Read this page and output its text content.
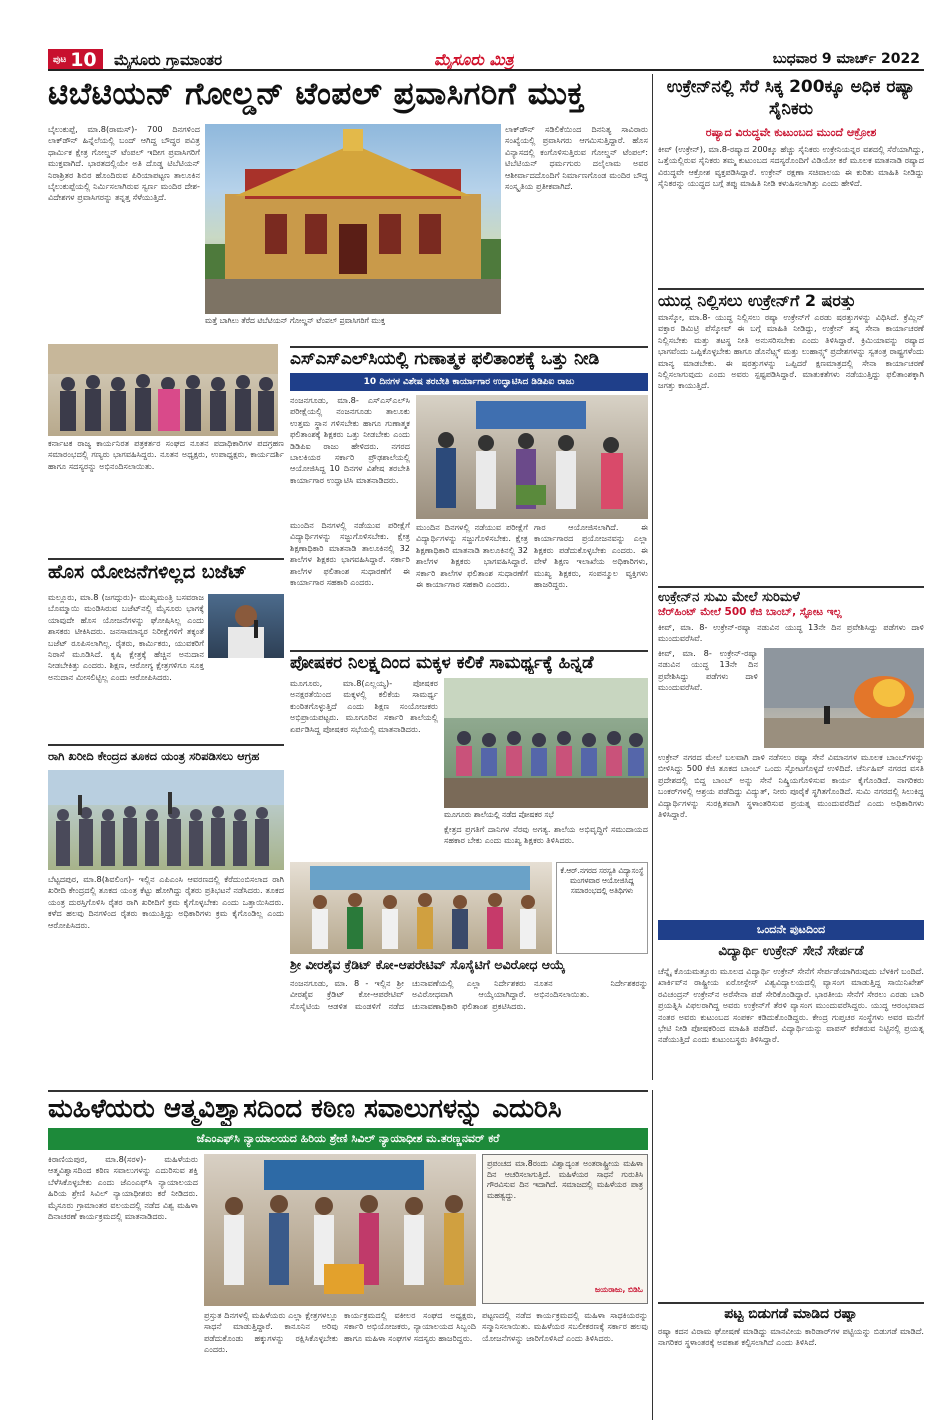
ಪುಟ 10	ಮೈಸೂರು ಗ್ರಾಮಾಂತರ	ಮೈಸೂರು ಮಿತ್ರ	ಬುಧವಾರ 9 ಮಾರ್ಚ್ 2022
ಟಿಬೆಟಿಯನ್ ಗೋಲ್ಡನ್ ಟೆಂಪಲ್ ಪ್ರವಾಸಿಗರಿಗೆ ಮುಕ್ತ
ಬೈಲುಕುಪ್ಪೆ, ಮಾ.8(ರಾಮಸ್)- 700 ದಿನಗಳಿಂದ ಲಾಕ್‌ಡೌನ್ ಹಿನ್ನೆಲೆಯಲ್ಲಿ ಬಂದ್ ಆಗಿದ್ದ ಬೌದ್ಧರ ಪವಿತ್ರ ಧಾರ್ಮಿಕ ಕ್ಷೇತ್ರ ಗೋಲ್ಡನ್ ಟೆಂಪಲ್ ಇದೀಗ ಪ್ರವಾಸಿಗರಿಗೆ ಮುಕ್ತವಾಗಿದೆ. ಭಾರತದಲ್ಲಿಯೇ ಅತಿ ದೊಡ್ಡ ಟಿಬೆಟಿಯನ್ ನಿರಾಶ್ರಿತರ ಶಿಬಿರ ಹೊಂದಿರುವ ಪಿರಿಯಾಪಟ್ಟಣ ತಾಲೂಕಿನ ಬೈಲುಕುಪ್ಪೆಯಲ್ಲಿ ನಿರ್ಮಿಸಲಾಗಿರುವ ಸ್ವರ್ಣ ಮಂದಿರ ದೇಶ-ವಿದೇಶಗಳ ಪ್ರವಾಸಿಗರನ್ನು ತನ್ನತ್ತ ಸೆಳೆಯುತ್ತಿದೆ.
ಮತ್ತೆ ಬಾಗಿಲು ತೆರೆದ ಟಿಬೆಟಿಯನ್ ಗೋಲ್ಡನ್ ಟೆಂಪಲ್ ಪ್ರವಾಸಿಗರಿಗೆ ಮುಕ್ತ
ಲಾಕ್‌ಡೌನ್ ಸಡಿಲಿಕೆಯಿಂದ ದಿನನಿತ್ಯ ಸಾವಿರಾರು ಸಂಖ್ಯೆಯಲ್ಲಿ ಪ್ರವಾಸಿಗರು ಆಗಮಿಸುತ್ತಿದ್ದಾರೆ. ಹೊಸ ವಿನ್ಯಾಸದಲ್ಲಿ ಕಂಗೊಳಿಸುತ್ತಿರುವ ಗೋಲ್ಡನ್ ಟೆಂಪಲ್: ಟಿಬೆಟಿಯನ್ ಧರ್ಮಗುರು ದಲೈಲಾಮ ಅವರ ಆಶೀರ್ವಾದದೊಂದಿಗೆ ನಿರ್ಮಾಣಗೊಂಡ ಮಂದಿರ ಬೌದ್ಧ ಸಂಸ್ಕೃತಿಯ ಪ್ರತೀಕವಾಗಿದೆ.
ಕರ್ನಾಟಕ ರಾಜ್ಯ ಕಾರ್ಯನಿರತ ಪತ್ರಕರ್ತರ ಸಂಘದ ನೂತನ ಪದಾಧಿಕಾರಿಗಳ ಪದಗ್ರಹಣ ಸಮಾರಂಭದಲ್ಲಿ ಗಣ್ಯರು ಭಾಗವಹಿಸಿದ್ದರು. ನೂತನ ಅಧ್ಯಕ್ಷರು, ಉಪಾಧ್ಯಕ್ಷರು, ಕಾರ್ಯದರ್ಶಿ ಹಾಗೂ ಸದಸ್ಯರನ್ನು ಅಭಿನಂದಿಸಲಾಯಿತು.
ಹೊಸ ಯೋಜನೆಗಳಿಲ್ಲದ ಬಜೆಟ್
ಮಲ್ಲೂರು, ಮಾ.8 (ಜಗದ್ಗುರು)- ಮುಖ್ಯಮಂತ್ರಿ ಬಸವರಾಜ ಬೊಮ್ಮಾಯಿ ಮಂಡಿಸಿರುವ ಬಜೆಟ್‌ನಲ್ಲಿ ಮೈಸೂರು ಭಾಗಕ್ಕೆ ಯಾವುದೇ ಹೊಸ ಯೋಜನೆಗಳನ್ನು ಘೋಷಿಸಿಲ್ಲ ಎಂದು ಶಾಸಕರು ಟೀಕಿಸಿದರು. ಜನಸಾಮಾನ್ಯರ ನಿರೀಕ್ಷೆಗಳಿಗೆ ತಕ್ಕಂತೆ ಬಜೆಟ್ ರೂಪಿಸಲಾಗಿಲ್ಲ. ರೈತರು, ಕಾರ್ಮಿಕರು, ಯುವಕರಿಗೆ ನಿರಾಸೆ ಮೂಡಿಸಿದೆ. ಕೃಷಿ ಕ್ಷೇತ್ರಕ್ಕೆ ಹೆಚ್ಚಿನ ಅನುದಾನ ನೀಡಬೇಕಿತ್ತು ಎಂದರು. ಶಿಕ್ಷಣ, ಆರೋಗ್ಯ ಕ್ಷೇತ್ರಗಳಿಗೂ ಸೂಕ್ತ ಅನುದಾನ ಮೀಸಲಿಟ್ಟಿಲ್ಲ ಎಂದು ಆರೋಪಿಸಿದರು.
ರಾಗಿ ಖರೀದಿ ಕೇಂದ್ರದ ತೂಕದ ಯಂತ್ರ ಸರಿಪಡಿಸಲು ಆಗ್ರಹ
ಬೆಟ್ಟದಪುರ, ಮಾ.8(ಶಿವಲಿಂಗ)- ಇಲ್ಲಿನ ಎಪಿಎಂಸಿ ಆವರಣದಲ್ಲಿ ಕೆರೆದುಂಬಿಸಲಾದ ರಾಗಿ ಖರೀದಿ ಕೇಂದ್ರದಲ್ಲಿ ತೂಕದ ಯಂತ್ರ ಕೆಟ್ಟು ಹೋಗಿದ್ದು ರೈತರು ಪ್ರತಿಭಟನೆ ನಡೆಸಿದರು. ತೂಕದ ಯಂತ್ರ ದುರಸ್ತಿಗೊಳಿಸಿ ರೈತರ ರಾಗಿ ಖರೀದಿಗೆ ಕ್ರಮ ಕೈಗೊಳ್ಳಬೇಕು ಎಂದು ಒತ್ತಾಯಿಸಿದರು. ಕಳೆದ ಹಲವು ದಿನಗಳಿಂದ ರೈತರು ಕಾಯುತ್ತಿದ್ದು ಅಧಿಕಾರಿಗಳು ಕ್ರಮ ಕೈಗೊಂಡಿಲ್ಲ ಎಂದು ಆರೋಪಿಸಿದರು.
ಎಸ್‌ಎಸ್‌ಎಲ್‌ಸಿಯಲ್ಲಿ ಗುಣಾತ್ಮಕ ಫಲಿತಾಂಶಕ್ಕೆ ಒತ್ತು ನೀಡಿ
10 ದಿನಗಳ ವಿಶೇಷ ತರಬೇತಿ ಕಾರ್ಯಾಗಾರ ಉದ್ಘಾಟಿಸಿದ ಡಿಡಿಪಿಐ ರಾಜು
ನಂಜನಗೂಡು, ಮಾ.8- ಎಸ್‌ಎಸ್‌ಎಲ್‌ಸಿ ಪರೀಕ್ಷೆಯಲ್ಲಿ ನಂಜನಗೂಡು ತಾಲೂಕು ಉತ್ತಮ ಸ್ಥಾನ ಗಳಿಸಬೇಕು ಹಾಗೂ ಗುಣಾತ್ಮಕ ಫಲಿತಾಂಶಕ್ಕೆ ಶಿಕ್ಷಕರು ಒತ್ತು ನೀಡಬೇಕು ಎಂದು ಡಿಡಿಪಿಐ ರಾಜು ಹೇಳಿದರು. ನಗರದ ಬಾಲಕಿಯರ ಸರ್ಕಾರಿ ಪ್ರೌಢಶಾಲೆಯಲ್ಲಿ ಆಯೋಜಿಸಿದ್ದ 10 ದಿನಗಳ ವಿಶೇಷ ತರಬೇತಿ ಕಾರ್ಯಾಗಾರ ಉದ್ಘಾಟಿಸಿ ಮಾತನಾಡಿದರು.
ಮುಂದಿನ ದಿನಗಳಲ್ಲಿ ನಡೆಯುವ ಪರೀಕ್ಷೆಗೆ ವಿದ್ಯಾರ್ಥಿಗಳನ್ನು ಸಜ್ಜುಗೊಳಿಸಬೇಕು. ಕ್ಷೇತ್ರ ಶಿಕ್ಷಣಾಧಿಕಾರಿ ಮಾತನಾಡಿ ತಾಲೂಕಿನಲ್ಲಿ 32 ಶಾಲೆಗಳ ಶಿಕ್ಷಕರು ಭಾಗವಹಿಸಿದ್ದಾರೆ. ಸರ್ಕಾರಿ ಶಾಲೆಗಳ ಫಲಿತಾಂಶ ಸುಧಾರಣೆಗೆ ಈ ಕಾರ್ಯಾಗಾರ ಸಹಕಾರಿ ಎಂದರು.
ಮುಂದಿನ ದಿನಗಳಲ್ಲಿ ನಡೆಯುವ ಪರೀಕ್ಷೆಗೆ ವಿದ್ಯಾರ್ಥಿಗಳನ್ನು ಸಜ್ಜುಗೊಳಿಸಬೇಕು. ಕ್ಷೇತ್ರ ಶಿಕ್ಷಣಾಧಿಕಾರಿ ಮಾತನಾಡಿ ತಾಲೂಕಿನಲ್ಲಿ 32 ಶಾಲೆಗಳ ಶಿಕ್ಷಕರು ಭಾಗವಹಿಸಿದ್ದಾರೆ. ಸರ್ಕಾರಿ ಶಾಲೆಗಳ ಫಲಿತಾಂಶ ಸುಧಾರಣೆಗೆ ಈ ಕಾರ್ಯಾಗಾರ ಸಹಕಾರಿ ಎಂದರು.
ಗಾರ ಆಯೋಜಿಸಲಾಗಿದೆ. ಈ ಕಾರ್ಯಾಗಾರದ ಪ್ರಯೋಜನವನ್ನು ಎಲ್ಲಾ ಶಿಕ್ಷಕರು ಪಡೆದುಕೊಳ್ಳಬೇಕು ಎಂದರು. ಈ ವೇಳೆ ಶಿಕ್ಷಣ ಇಲಾಖೆಯ ಅಧಿಕಾರಿಗಳು, ಮುಖ್ಯ ಶಿಕ್ಷಕರು, ಸಂಪನ್ಮೂಲ ವ್ಯಕ್ತಿಗಳು ಹಾಜರಿದ್ದರು.
ಪೋಷಕರ ನಿಲಕ್ಷ್ಯದಿಂದ ಮಕ್ಕಳ ಕಲಿಕೆ ಸಾಮರ್ಥ್ಯಕ್ಕೆ ಹಿನ್ನಡೆ
ಮೂಗೂರು, ಮಾ.8(ಎಲ್ಲಯ್ಯ)- ಪೋಷಕರ ಅನಕ್ಷರತೆಯಿಂದ ಮಕ್ಕಳಲ್ಲಿ ಕಲಿಕೆಯ ಸಾಮರ್ಥ್ಯ ಕುಂಠಿತಗೊಳ್ಳುತ್ತಿದೆ ಎಂದು ಶಿಕ್ಷಣ ಸಂಯೋಜಕರು ಅಭಿಪ್ರಾಯಪಟ್ಟರು. ಮೂಗೂರಿನ ಸರ್ಕಾರಿ ಶಾಲೆಯಲ್ಲಿ ಏರ್ಪಡಿಸಿದ್ದ ಪೋಷಕರ ಸಭೆಯಲ್ಲಿ ಮಾತನಾಡಿದರು.
ಮೂಗೂರು ಶಾಲೆಯಲ್ಲಿ ನಡೆದ ಪೋಷಕರ ಸಭೆ
ಕ್ಷೇತ್ರದ ಪ್ರಗತಿಗೆ ದಾನಿಗಳ ನೆರವು ಅಗತ್ಯ. ಶಾಲೆಯ ಅಭಿವೃದ್ಧಿಗೆ ಸಮುದಾಯದ ಸಹಕಾರ ಬೇಕು ಎಂದು ಮುಖ್ಯ ಶಿಕ್ಷಕರು ತಿಳಿಸಿದರು.
ಕೆ.ಆರ್.ನಗರದ ಸರಸ್ವತಿ ವಿದ್ಯಾಸಂಸ್ಥೆ ಮಂಗಳವಾರ ಆಯೋಜಿಸಿದ್ದ ಸಮಾರಂಭದಲ್ಲಿ ಅತಿಥಿಗಳು
ಶ್ರೀ ವೀರಶೈವ ಕ್ರೆಡಿಟ್ ಕೋ-ಆಪರೇಟಿವ್ ಸೊಸೈಟಿಗೆ ಅವಿರೋಧ ಆಯ್ಕೆ
ನಂಜನಗೂಡು, ಮಾ. 8 - ಇಲ್ಲಿನ ಶ್ರೀ ವೀರಶೈವ ಕ್ರೆಡಿಟ್ ಕೋ-ಆಪರೇಟಿವ್ ಸೊಸೈಟಿಯ ಆಡಳಿತ ಮಂಡಳಿಗೆ ನಡೆದ ಚುನಾವಣೆಯಲ್ಲಿ ಎಲ್ಲಾ ನಿರ್ದೇಶಕರು ಅವಿರೋಧವಾಗಿ ಆಯ್ಕೆಯಾಗಿದ್ದಾರೆ. ಚುನಾವಣಾಧಿಕಾರಿ ಫಲಿತಾಂಶ ಪ್ರಕಟಿಸಿದರು. ನೂತನ ನಿರ್ದೇಶಕರನ್ನು ಅಭಿನಂದಿಸಲಾಯಿತು.
ಮಹಿಳೆಯರು ಆತ್ಮವಿಶ್ವಾಸದಿಂದ ಕಠಿಣ ಸವಾಲುಗಳನ್ನು ಎದುರಿಸಿ
ಜೆಎಂಎಫ್‌ಸಿ ನ್ಯಾಯಾಲಯದ ಹಿರಿಯ ಶ್ರೇಣಿ ಸಿವಿಲ್ ನ್ಯಾಯಾಧೀಶ ಮ.ತರಣ್ಣನವರ್ ಕರೆ
ಕಿರಾಣಿಯಪುರ, ಮಾ.8(ಸರಳ)- ಮಹಿಳೆಯರು ಆತ್ಮವಿಶ್ವಾಸದಿಂದ ಕಠಿಣ ಸವಾಲುಗಳನ್ನು ಎದುರಿಸುವ ಶಕ್ತಿ ಬೆಳೆಸಿಕೊಳ್ಳಬೇಕು ಎಂದು ಜೆಎಂಎಫ್‌ಸಿ ನ್ಯಾಯಾಲಯದ ಹಿರಿಯ ಶ್ರೇಣಿ ಸಿವಿಲ್ ನ್ಯಾಯಾಧೀಶರು ಕರೆ ನೀಡಿದರು. ಮೈಸೂರು ಗ್ರಾಮಾಂತರ ವಲಯದಲ್ಲಿ ನಡೆದ ವಿಶ್ವ ಮಹಿಳಾ ದಿನಾಚರಣೆ ಕಾರ್ಯಕ್ರಮದಲ್ಲಿ ಮಾತನಾಡಿದರು.
ಪ್ರಸ್ತುತ ದಿನಗಳಲ್ಲಿ ಮಹಿಳೆಯರು ಎಲ್ಲಾ ಕ್ಷೇತ್ರಗಳಲ್ಲೂ ಸಾಧನೆ ಮಾಡುತ್ತಿದ್ದಾರೆ. ಕಾನೂನಿನ ಅರಿವು ಪಡೆದುಕೊಂಡು ಹಕ್ಕುಗಳನ್ನು ರಕ್ಷಿಸಿಕೊಳ್ಳಬೇಕು ಎಂದರು.
ಕಾರ್ಯಕ್ರಮದಲ್ಲಿ ವಕೀಲರ ಸಂಘದ ಅಧ್ಯಕ್ಷರು, ಸರ್ಕಾರಿ ಅಭಿಯೋಜಕರು, ನ್ಯಾಯಾಲಯದ ಸಿಬ್ಬಂದಿ ಹಾಗೂ ಮಹಿಳಾ ಸಂಘಗಳ ಸದಸ್ಯರು ಹಾಜರಿದ್ದರು.
ಪ್ರಪಂಚದ ಮಾ.8ರಂದು ವಿಶ್ವಾದ್ಯಂತ ಅಂತರಾಷ್ಟ್ರೀಯ ಮಹಿಳಾ ದಿನ ಆಚರಿಸಲಾಗುತ್ತಿದೆ. ಮಹಿಳೆಯರ ಸಾಧನೆ ಗುರುತಿಸಿ ಗೌರವಿಸುವ ದಿನ ಇದಾಗಿದೆ. ಸಮಾಜದಲ್ಲಿ ಮಹಿಳೆಯರ ಪಾತ್ರ ಮಹತ್ವದ್ದು.
ಜಯರಾಜು, ಬಿಡಿಓ
ಪಟ್ಟಣದಲ್ಲಿ ನಡೆದ ಕಾರ್ಯಕ್ರಮದಲ್ಲಿ ಮಹಿಳಾ ಸಾಧಕಿಯರನ್ನು ಸನ್ಮಾನಿಸಲಾಯಿತು. ಮಹಿಳೆಯರ ಸಬಲೀಕರಣಕ್ಕೆ ಸರ್ಕಾರ ಹಲವು ಯೋಜನೆಗಳನ್ನು ಜಾರಿಗೊಳಿಸಿದೆ ಎಂದು ತಿಳಿಸಿದರು.
ಉಕ್ರೇನ್‌ನಲ್ಲಿ ಸೆರೆ ಸಿಕ್ಕ 200ಕ್ಕೂ ಅಧಿಕ ರಷ್ಯಾ ಸೈನಿಕರು
ರಷ್ಯಾದ ವಿರುದ್ಧವೇ ಕುಟುಂಬದ ಮುಂದೆ ಆಕ್ರೋಶ
ಕೀವ್ (ಉಕ್ರೇನ್), ಮಾ.8-ರಷ್ಯಾದ 200ಕ್ಕೂ ಹೆಚ್ಚು ಸೈನಿಕರು ಉಕ್ರೇನಿಯನ್ನರ ವಶದಲ್ಲಿ ಸೆರೆಯಾಗಿದ್ದು, ಒತ್ತೆಯಲ್ಲಿರುವ ಸೈನಿಕರು ತಮ್ಮ ಕುಟುಂಬದ ಸದಸ್ಯರೊಂದಿಗೆ ವಿಡಿಯೋ ಕರೆ ಮೂಲಕ ಮಾತನಾಡಿ ರಷ್ಯಾದ ವಿರುದ್ಧವೇ ಆಕ್ರೋಶ ವ್ಯಕ್ತಪಡಿಸಿದ್ದಾರೆ. ಉಕ್ರೇನ್ ರಕ್ಷಣಾ ಸಚಿವಾಲಯ ಈ ಕುರಿತು ಮಾಹಿತಿ ನೀಡಿದ್ದು ಸೈನಿಕರನ್ನು ಯುದ್ಧದ ಬಗ್ಗೆ ತಪ್ಪು ಮಾಹಿತಿ ನೀಡಿ ಕಳುಹಿಸಲಾಗಿತ್ತು ಎಂದು ಹೇಳಿದೆ.
ಯುದ್ಧ ನಿಲ್ಲಿಸಲು ಉಕ್ರೇನ್‌ಗೆ 2 ಷರತ್ತು
ಮಾಸ್ಕೋ, ಮಾ.8- ಯುದ್ಧ ನಿಲ್ಲಿಸಲು ರಷ್ಯಾ ಉಕ್ರೇನ್‌ಗೆ ಎರಡು ಷರತ್ತುಗಳನ್ನು ವಿಧಿಸಿದೆ. ಕ್ರೆಮ್ಲಿನ್ ವಕ್ತಾರ ಡಿಮಿಟ್ರಿ ಪೆಸ್ಕೋವ್ ಈ ಬಗ್ಗೆ ಮಾಹಿತಿ ನೀಡಿದ್ದು, ಉಕ್ರೇನ್ ತನ್ನ ಸೇನಾ ಕಾರ್ಯಾಚರಣೆ ನಿಲ್ಲಿಸಬೇಕು ಮತ್ತು ತಟಸ್ಥ ನೀತಿ ಅನುಸರಿಸಬೇಕು ಎಂದು ತಿಳಿಸಿದ್ದಾರೆ. ಕ್ರಿಮಿಯಾವನ್ನು ರಷ್ಯಾದ ಭಾಗವೆಂದು ಒಪ್ಪಿಕೊಳ್ಳಬೇಕು ಹಾಗೂ ಡೊನೆಟ್ಸ್ಕ್ ಮತ್ತು ಲುಹಾನ್ಸ್ಕ್ ಪ್ರದೇಶಗಳನ್ನು ಸ್ವತಂತ್ರ ರಾಷ್ಟ್ರಗಳೆಂದು ಮಾನ್ಯ ಮಾಡಬೇಕು. ಈ ಷರತ್ತುಗಳನ್ನು ಒಪ್ಪಿದರೆ ಕ್ಷಣಮಾತ್ರದಲ್ಲಿ ಸೇನಾ ಕಾರ್ಯಾಚರಣೆ ನಿಲ್ಲಿಸಲಾಗುವುದು ಎಂದು ಅವರು ಸ್ಪಷ್ಟಪಡಿಸಿದ್ದಾರೆ. ಮಾತುಕತೆಗಳು ನಡೆಯುತ್ತಿದ್ದು ಫಲಿತಾಂಶಕ್ಕಾಗಿ ಜಗತ್ತು ಕಾಯುತ್ತಿದೆ.
ಉಕ್ರೇನ್‌ನ ಸುಮಿ ಮೇಲೆ ಸುರಿಮಳೆ
ಜೆರ್‌ಹಿಂಟ್ ಮೇಲೆ 500 ಕೆಜಿ ಬಾಂಬ್, ಸ್ಫೋಟ ಇಲ್ಲ
ಕೀವ್, ಮಾ. 8- ಉಕ್ರೇನ್-ರಷ್ಯಾ ನಡುವಿನ ಯುದ್ಧ 13ನೇ ದಿನ ಪ್ರವೇಶಿಸಿದ್ದು ಪಡೆಗಳು ದಾಳಿ ಮುಂದುವರೆಸಿವೆ.
ಕೀವ್, ಮಾ. 8- ಉಕ್ರೇನ್-ರಷ್ಯಾ ನಡುವಿನ ಯುದ್ಧ 13ನೇ ದಿನ ಪ್ರವೇಶಿಸಿದ್ದು ಪಡೆಗಳು ದಾಳಿ ಮುಂದುವರೆಸಿವೆ.
ಉಕ್ರೇನ್ ನಗರದ ಮೇಲೆ ಬಲವಾಗಿ ದಾಳಿ ನಡೆಸಲು ರಷ್ಯಾ ಸೇನೆ ವಿಮಾನಗಳ ಮೂಲಕ ಬಾಂಬ್‌ಗಳನ್ನು ಬೀಳಿಸಿದ್ದು 500 ಕೆಜಿ ತೂಕದ ಬಾಂಬ್ ಒಂದು ಸ್ಫೋಟಗೊಳ್ಳದೆ ಉಳಿದಿದೆ. ಚೆರ್ನಿಹಿವ್ ನಗರದ ವಸತಿ ಪ್ರದೇಶದಲ್ಲಿ ಬಿದ್ದ ಬಾಂಬ್ ಅನ್ನು ಸೇನೆ ನಿಷ್ಕ್ರಿಯಗೊಳಿಸುವ ಕಾರ್ಯ ಕೈಗೊಂಡಿದೆ. ನಾಗರಿಕರು ಬಂಕರ್‌ಗಳಲ್ಲಿ ಆಶ್ರಯ ಪಡೆದಿದ್ದು ವಿದ್ಯುತ್, ನೀರು ಪೂರೈಕೆ ಸ್ಥಗಿತಗೊಂಡಿದೆ. ಸುಮಿ ನಗರದಲ್ಲಿ ಸಿಲುಕಿದ್ದ ವಿದ್ಯಾರ್ಥಿಗಳನ್ನು ಸುರಕ್ಷಿತವಾಗಿ ಸ್ಥಳಾಂತರಿಸುವ ಪ್ರಯತ್ನ ಮುಂದುವರೆದಿದೆ ಎಂದು ಅಧಿಕಾರಿಗಳು ತಿಳಿಸಿದ್ದಾರೆ.
ಒಂದನೇ ಪುಟದಿಂದ
ವಿದ್ಯಾರ್ಥಿ ಉಕ್ರೇನ್ ಸೇನೆ ಸೇರ್ಪಡೆ
ಚೆನ್ನೈ ಕೊಯಮತ್ತೂರು ಮೂಲದ ವಿದ್ಯಾರ್ಥಿ ಉಕ್ರೇನ್ ಸೇನೆಗೆ ಸೇರ್ಪಡೆಯಾಗಿರುವುದು ಬೆಳಕಿಗೆ ಬಂದಿದೆ. ಖಾರ್ಕಿವ್‌ನ ರಾಷ್ಟ್ರೀಯ ಏರೋಸ್ಪೇಸ್ ವಿಶ್ವವಿದ್ಯಾಲಯದಲ್ಲಿ ವ್ಯಾಸಂಗ ಮಾಡುತ್ತಿದ್ದ ಸಾಯಿನಿಖೇಶ್ ರವಿಚಂದ್ರನ್ ಉಕ್ರೇನ್‌ನ ಅರೆಸೇನಾ ಪಡೆ ಸೇರಿಕೊಂಡಿದ್ದಾರೆ. ಭಾರತೀಯ ಸೇನೆಗೆ ಸೇರಲು ಎರಡು ಬಾರಿ ಪ್ರಯತ್ನಿಸಿ ವಿಫಲರಾಗಿದ್ದ ಅವರು ಉಕ್ರೇನ್‌ಗೆ ತೆರಳಿ ವ್ಯಾಸಂಗ ಮುಂದುವರೆಸಿದ್ದರು. ಯುದ್ಧ ಆರಂಭವಾದ ನಂತರ ಅವರು ಕುಟುಂಬದ ಸಂಪರ್ಕ ಕಡಿದುಕೊಂಡಿದ್ದರು. ಕೇಂದ್ರ ಗುಪ್ತಚರ ಸಂಸ್ಥೆಗಳು ಅವರ ಮನೆಗೆ ಭೇಟಿ ನೀಡಿ ಪೋಷಕರಿಂದ ಮಾಹಿತಿ ಪಡೆದಿವೆ. ವಿದ್ಯಾರ್ಥಿಯನ್ನು ವಾಪಸ್ ಕರೆತರುವ ನಿಟ್ಟಿನಲ್ಲಿ ಪ್ರಯತ್ನ ನಡೆಯುತ್ತಿದೆ ಎಂದು ಕುಟುಂಬಸ್ಥರು ತಿಳಿಸಿದ್ದಾರೆ.
ಪಟ್ಟ ಬಿಡುಗಡೆ ಮಾಡಿದ ರಷ್ಯಾ
ರಷ್ಯಾ ಕದನ ವಿರಾಮ ಘೋಷಣೆ ಮಾಡಿದ್ದು ಮಾನವೀಯ ಕಾರಿಡಾರ್‌ಗಳ ಪಟ್ಟಿಯನ್ನು ಬಿಡುಗಡೆ ಮಾಡಿದೆ. ನಾಗರಿಕರ ಸ್ಥಳಾಂತರಕ್ಕೆ ಅವಕಾಶ ಕಲ್ಪಿಸಲಾಗಿದೆ ಎಂದು ತಿಳಿಸಿದೆ.
